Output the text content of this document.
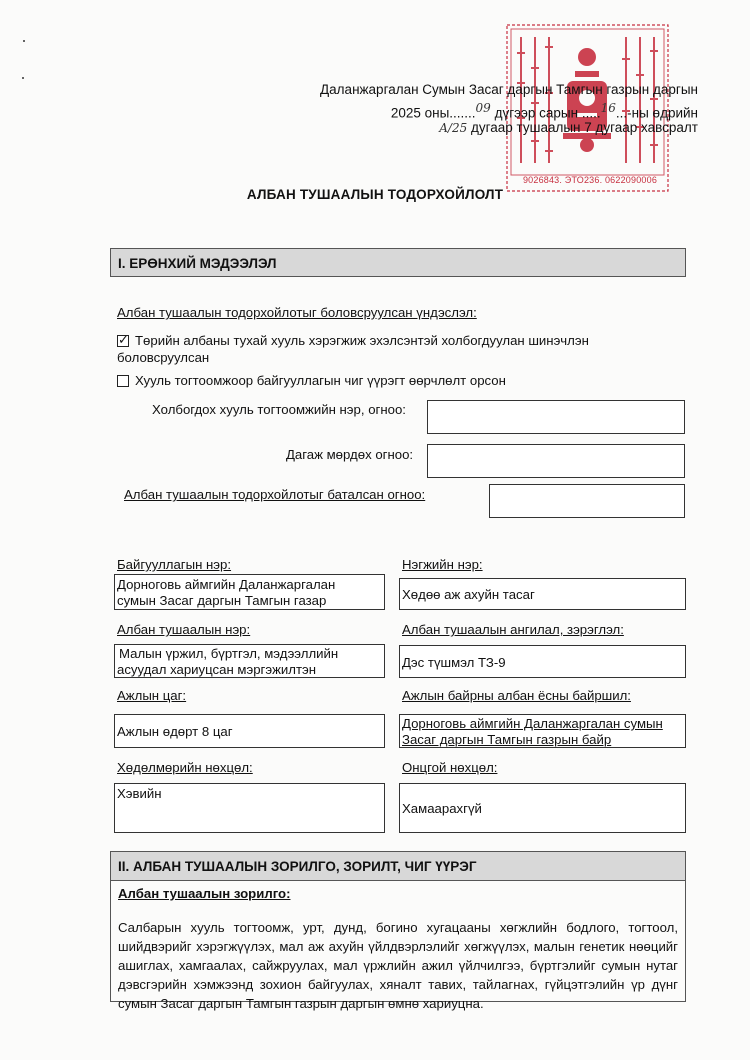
9026843. ЭТО236. 0622090006
Даланжаргалан Сумын Засаг даргын Тамгын газрын даргын
2025 оны.......$^{09}$ дүгээр сарын .....$^{16}$...-ны өдрийн
A/25 дугаар тушаалын 7 дугаар хавсралт
АЛБАН ТУШААЛЫН ТОДОРХОЙЛОЛТ
I. ЕРӨНХИЙ МЭДЭЭЛЭЛ
Албан тушаалын тодорхойлотыг боловсруулсан үндэслэл:
✓
Төрийн албаны тухай хууль хэрэгжиж эхэлсэнтэй холбогдуулан шинэчлэн
боловсруулсан
Хууль тогтоомжоор байгууллагын чиг үүрэгт өөрчлөлт орсон
Холбогдох хууль тогтоомжийн нэр, огноо:
Дагаж мөрдөх огноо:
Албан тушаалын тодорхойлотыг баталсан огноо:
Байгууллагын нэр:
Дорноговь аймгийн Даланжаргалан
сумын Засаг даргын Тамгын газар
Нэгжийн нэр:
Хөдөө аж ахуйн тасаг
Албан тушаалын нэр:
Малын үржил, бүртгэл, мэдээллийн
асуудал хариуцсан мэргэжилтэн
Албан тушаалын ангилал, зэрэглэл:
Дэс түшмэл ТЗ-9
Ажлын цаг:
Ажлын өдөрт 8 цаг
Ажлын байрны албан ёсны байршил:
Дорноговь аймгийн Даланжаргалан сумын
Засаг даргын Тамгын газрын байр
Хөдөлмөрийн нөхцөл:
Хэвийн
Онцгой нөхцөл:
Хамаарахгүй
II. АЛБАН ТУШААЛЫН ЗОРИЛГО, ЗОРИЛТ, ЧИГ ҮҮРЭГ
Албан тушаалын зорилго:
Салбарын хууль тогтоомж, урт, дунд, богино хугацааны хөгжлийн бодлого, тогтоол, шийдвэрийг хэрэгжүүлэх, мал аж ахуйн үйлдвэрлэлийг хөгжүүлэх, малын генетик нөөцийг ашиглах, хамгаалах, сайжруулах, мал үржлийн ажил үйлчилгээ, бүртгэлийг сумын нутаг дэвсгэрийн хэмжээнд зохион байгуулах, хяналт тавих, тайлагнах, гүйцэтгэлийн үр дүнг сумын Засаг даргын Тамгын газрын даргын өмнө хариуцна.
